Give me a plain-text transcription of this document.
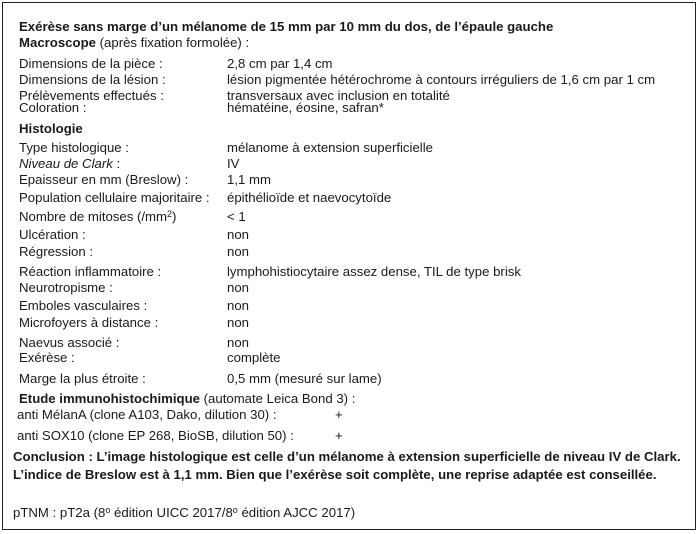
Exérèse sans marge d’un mélanome de 15 mm par 10 mm du dos, de l’épaule gauche
Macroscope (après fixation formolée) :
Dimensions de la pièce :	2,8 cm par 1,4 cm
Dimensions de la lésion :	lésion pigmentée hétérochrome à contours irréguliers de 1,6 cm par 1 cm
Prélèvements effectués :	transversaux avec inclusion en totalité
Coloration :	hématéine, éosine, safran*
Histologie
Type histologique :	mélanome à extension superficielle
Niveau de Clark :	IV
Epaisseur en mm (Breslow) :	1,1 mm
Population cellulaire majoritaire : épithélioïde et naevocytoïde
Nombre de mitoses $(/mm^2)$	< 1
Ulcération :	non
Régression :	non
Réaction inflammatoire :	lymphohistiocytaire assez dense, TIL de type brisk
Neurotropisme :	non
Emboles vasculaires :	non
Microfoyers à distance :	non
Naevus associé :	non
Exérèse :	complète
Marge la plus étroite :	0,5 mm (mesuré sur lame)
Etude immunohistochimique (automate Leica Bond 3) :
anti MélanA (clone A103, Dako, dilution 30) :	+
anti SOX10 (clone EP 268, BioSB, dilution 50) :	+
Conclusion : L’image histologique est celle d’un mélanome à extension superficielle de niveau IV de Clark. L’indice de Breslow est à 1,1 mm. Bien que l’exérèse soit complète, une reprise adaptée est conseillée.
pTNM : pT2a (8$^o$ édition UICC 2017/8$^o$ édition AJCC 2017)
